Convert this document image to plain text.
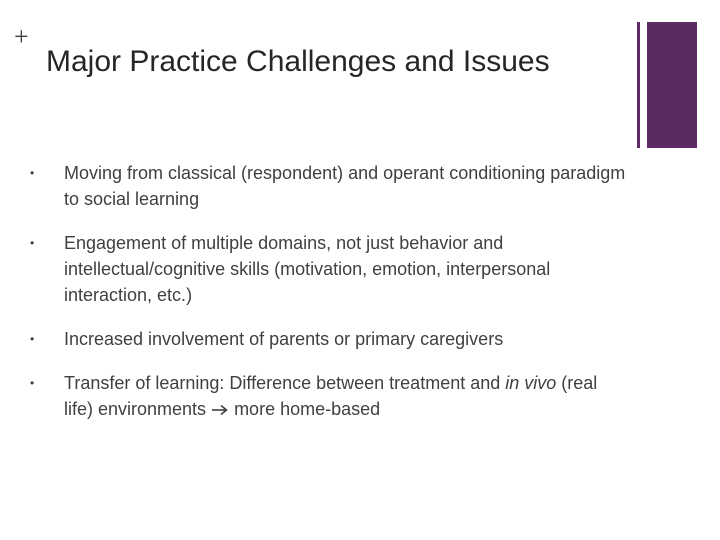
+
Major Practice Challenges and Issues
• Moving from classical (respondent) and operant conditioning paradigm to social learning
• Engagement of multiple domains, not just behavior and intellectual/cognitive skills (motivation, emotion, interpersonal interaction, etc.)
• Increased involvement of parents or primary caregivers
• Transfer of learning: Difference between treatment and in vivo (real life) environments  more home-based
